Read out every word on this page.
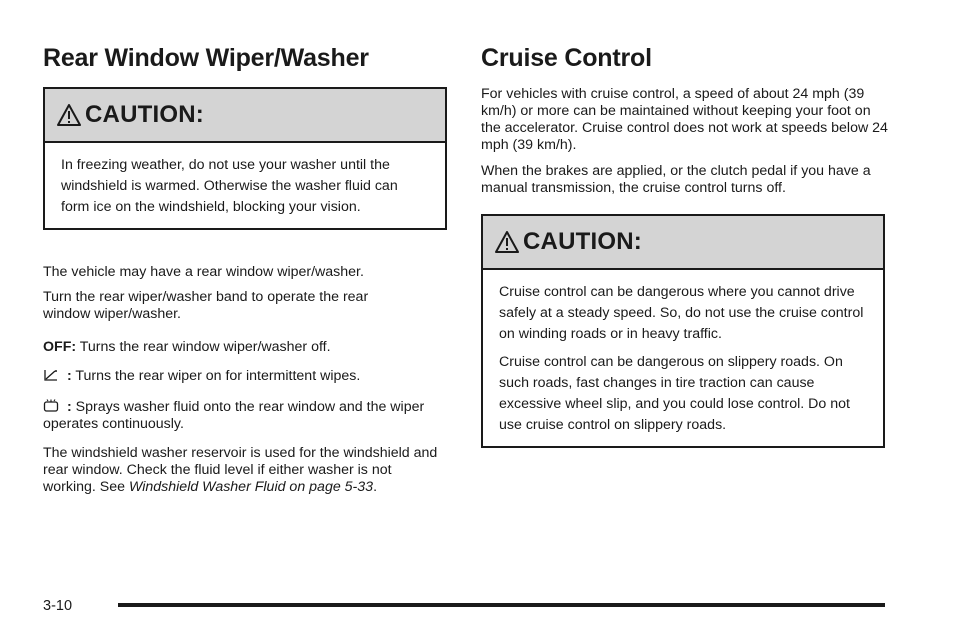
Rear Window Wiper/Washer
CAUTION:

In freezing weather, do not use your washer until the windshield is warmed. Otherwise the washer fluid can form ice on the windshield, blocking your vision.

The vehicle may have a rear window wiper/washer.

Turn the rear wiper/washer band to operate the rear window wiper/washer.

OFF: Turns the rear window wiper/washer off.

: Turns the rear wiper on for intermittent wipes.

: Sprays washer fluid onto the rear window and the wiper operates continuously.

The windshield washer reservoir is used for the windshield and rear window. Check the fluid level if either washer is not working. See Windshield Washer Fluid on page 5-33.

Cruise Control

For vehicles with cruise control, a speed of about 24 mph (39 km/h) or more can be maintained without keeping your foot on the accelerator. Cruise control does not work at speeds below 24 mph (39 km/h).

When the brakes are applied, or the clutch pedal if you have a manual transmission, the cruise control turns off.

CAUTION:

Cruise control can be dangerous where you cannot drive safely at a steady speed. So, do not use the cruise control on winding roads or in heavy traffic.

Cruise control can be dangerous on slippery roads. On such roads, fast changes in tire traction can cause excessive wheel slip, and you could lose control. Do not use cruise control on slippery roads.

3-10
